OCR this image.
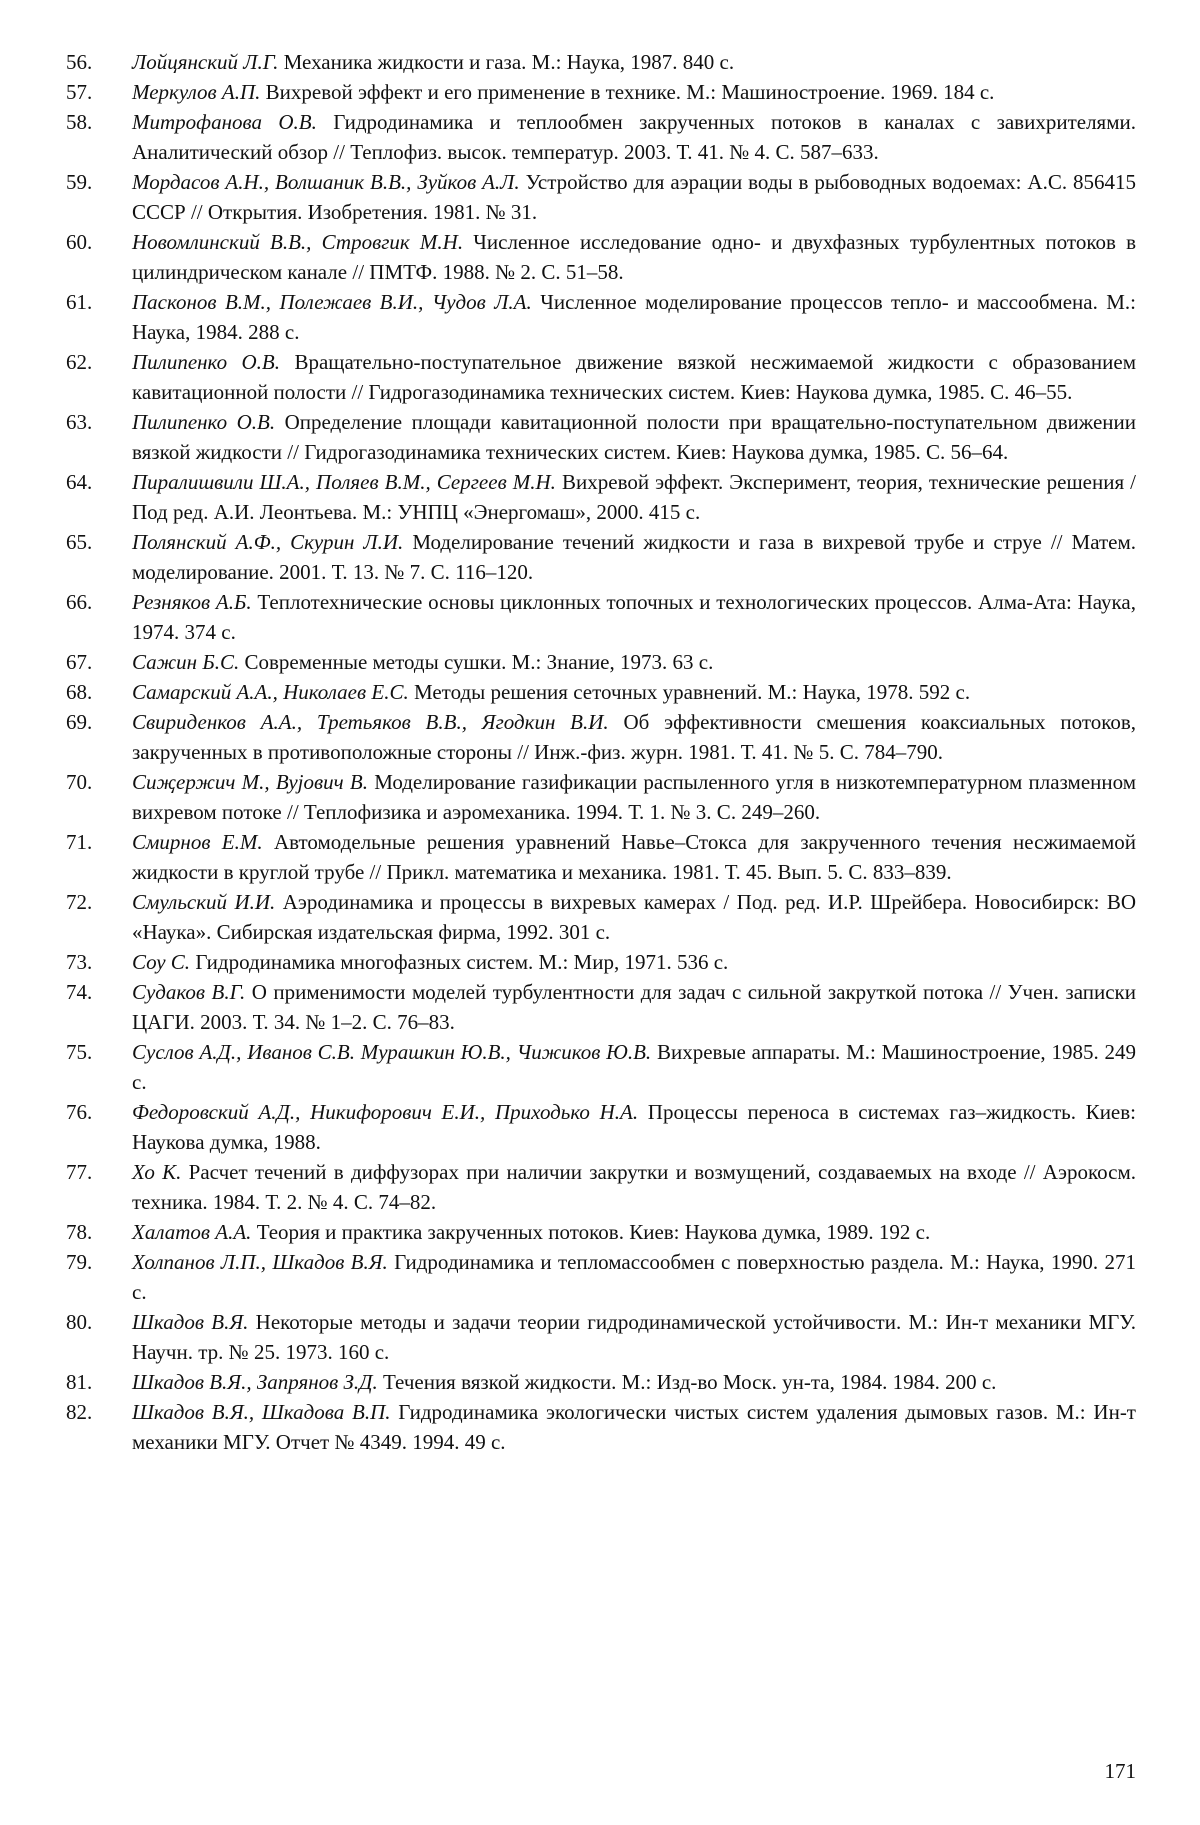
56.	Лойцянский Л.Г. Механика жидкости и газа. М.: Наука, 1987. 840 с.
57.	Меркулов А.П. Вихревой эффект и его применение в технике. М.: Машиностроение. 1969. 184 с.
58.	Митрофанова О.В. Гидродинамика и теплообмен закрученных потоков в каналах с завихрителями. Аналитический обзор // Теплофиз. высок. температур. 2003. Т. 41. № 4. С. 587–633.
59.	Мордасов А.Н., Волшаник В.В., Зуйков А.Л. Устройство для аэрации воды в рыбоводных водоемах: А.С. 856415 СССР // Открытия. Изобретения. 1981. № 31.
60.	Новомлинский В.В., Стровгик М.Н. Численное исследование одно- и двухфазных турбулентных потоков в цилиндрическом канале // ПМТФ. 1988. № 2. С. 51–58.
61.	Пасконов В.М., Полежаев В.И., Чудов Л.А. Численное моделирование процессов тепло- и массообмена. М.: Наука, 1984. 288 с.
62.	Пилипенко О.В. Вращательно-поступательное движение вязкой несжимаемой жидкости с образованием кавитационной полости // Гидрогазодинамика технических систем. Киев: Наукова думка, 1985. С. 46–55.
63.	Пилипенко О.В. Определение площади кавитационной полости при вращательно-поступательном движении вязкой жидкости // Гидрогазодинамика технических систем. Киев: Наукова думка, 1985. С. 56–64.
64.	Пиралишвили Ш.А., Поляев В.М., Сергеев М.Н. Вихревой эффект. Эксперимент, теория, технические решения / Под ред. А.И. Леонтьева. М.: УНПЦ «Энергомаш», 2000. 415 с.
65.	Полянский А.Ф., Скурин Л.И. Моделирование течений жидкости и газа в вихревой трубе и струе // Матем. моделирование. 2001. Т. 13. № 7. С. 116–120.
66.	Резняков А.Б. Теплотехнические основы циклонных топочных и технологических процессов. Алма-Ата: Наука, 1974. 374 с.
67.	Сажин Б.С. Современные методы сушки. М.: Знание, 1973. 63 с.
68.	Самарский А.А., Николаев Е.С. Методы решения сеточных уравнений. М.: Наука, 1978. 592 с.
69.	Свириденков А.А., Третьяков В.В., Ягодкин В.И. Об эффективности смешения коаксиальных потоков, закрученных в противоположные стороны // Инж.-физ. журн. 1981. Т. 41. № 5. С. 784–790.
70.	Сиҗержич М., Вујович В. Моделирование газификации распыленного угля в низкотемпературном плазменном вихревом потоке // Теплофизика и аэромеханика. 1994. Т. 1. № 3. С. 249–260.
71.	Смирнов Е.М. Автомодельные решения уравнений Навье–Стокса для закрученного течения несжимаемой жидкости в круглой трубе // Прикл. математика и механика. 1981. Т. 45. Вып. 5. С. 833–839.
72.	Смульский И.И. Аэродинамика и процессы в вихревых камерах / Под. ред. И.Р. Шрейбера. Новосибирск: ВО «Наука». Сибирская издательская фирма, 1992. 301 с.
73.	Соу С. Гидродинамика многофазных систем. М.: Мир, 1971. 536 с.
74.	Судаков В.Г. О применимости моделей турбулентности для задач с сильной закруткой потока // Учен. записки ЦАГИ. 2003. Т. 34. № 1–2. С. 76–83.
75.	Суслов А.Д., Иванов С.В. Мурашкин Ю.В., Чижиков Ю.В. Вихревые аппараты. М.: Машиностроение, 1985. 249 с.
76.	Федоровский А.Д., Никифорович Е.И., Приходько Н.А. Процессы переноса в системах газ–жидкость. Киев: Наукова думка, 1988.
77.	Хо К. Расчет течений в диффузорах при наличии закрутки и возмущений, создаваемых на входе // Аэрокосм. техника. 1984. Т. 2. № 4. С. 74–82.
78.	Халатов А.А. Теория и практика закрученных потоков. Киев: Наукова думка, 1989. 192 с.
79.	Холпанов Л.П., Шкадов В.Я. Гидродинамика и тепломассообмен с поверхностью раздела. М.: Наука, 1990. 271 с.
80.	Шкадов В.Я. Некоторые методы и задачи теории гидродинамической устойчивости. М.: Ин-т механики МГУ. Научн. тр. № 25. 1973. 160 с.
81.	Шкадов В.Я., Запрянов З.Д. Течения вязкой жидкости. М.: Изд-во Моск. ун-та, 1984. 1984. 200 с.
82.	Шкадов В.Я., Шкадова В.П. Гидродинамика экологически чистых систем удаления дымовых газов. М.: Ин-т механики МГУ. Отчет № 4349. 1994. 49 с.
171
